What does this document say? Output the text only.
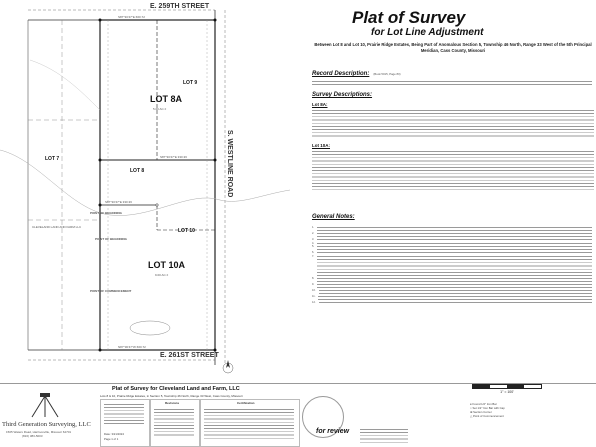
E. 259TH STREET
E. 261ST STREET
S. WESTLINE ROAD
LOT 8A
5.00 AC.±
LOT 9
LOT 8
LOT 7
LOT 10
LOT 10A
9.00 AC.±
S87°30'47"E 660.72
S87°30'47"E 330.36
S87°30'47"E 330.36
N87°30'47"W 660.72
POINT OF BEGINNING
POINT OF BEGINNING
POINT OF COMMENCEMENT
CLEVELAND LAND AND FARM LLC
Plat of Survey
for Lot Line Adjustment
Between Lot 8 and Lot 10, Prairie Ridge Estates, Being Part of Anomalous Section 5, Township 46 North, Range 33 West of the 5th Principal Meridian, Cass County, Missouri
Record Description: (Book 5015, Page 80)
Survey Descriptions:
Lot 8A:
Lot 10A:
General Notes:
1.
2.
3.
4.
5.
6.
7.
8.
9.
10.
11.
12.
Third Generation Surveying, LLC
1505 Waters Road, Harrisonville, Missouri 64701
(816) 383-5003
Plat of Survey for Cleveland Land and Farm, LLC
Lots 8 & 10, Prairie Ridge Estates, in Section 5, Township 46 North, Range 33 West, Cass County, Missouri
Date: 3/21/2024
Page 1 of 1
Revisions	Certification
for review
1" = 100'
● Found 1/2" Iron Bar
○ Set 1/2" Iron Bar with Cap
⊕ Section Corner
△ Point of Commencement
